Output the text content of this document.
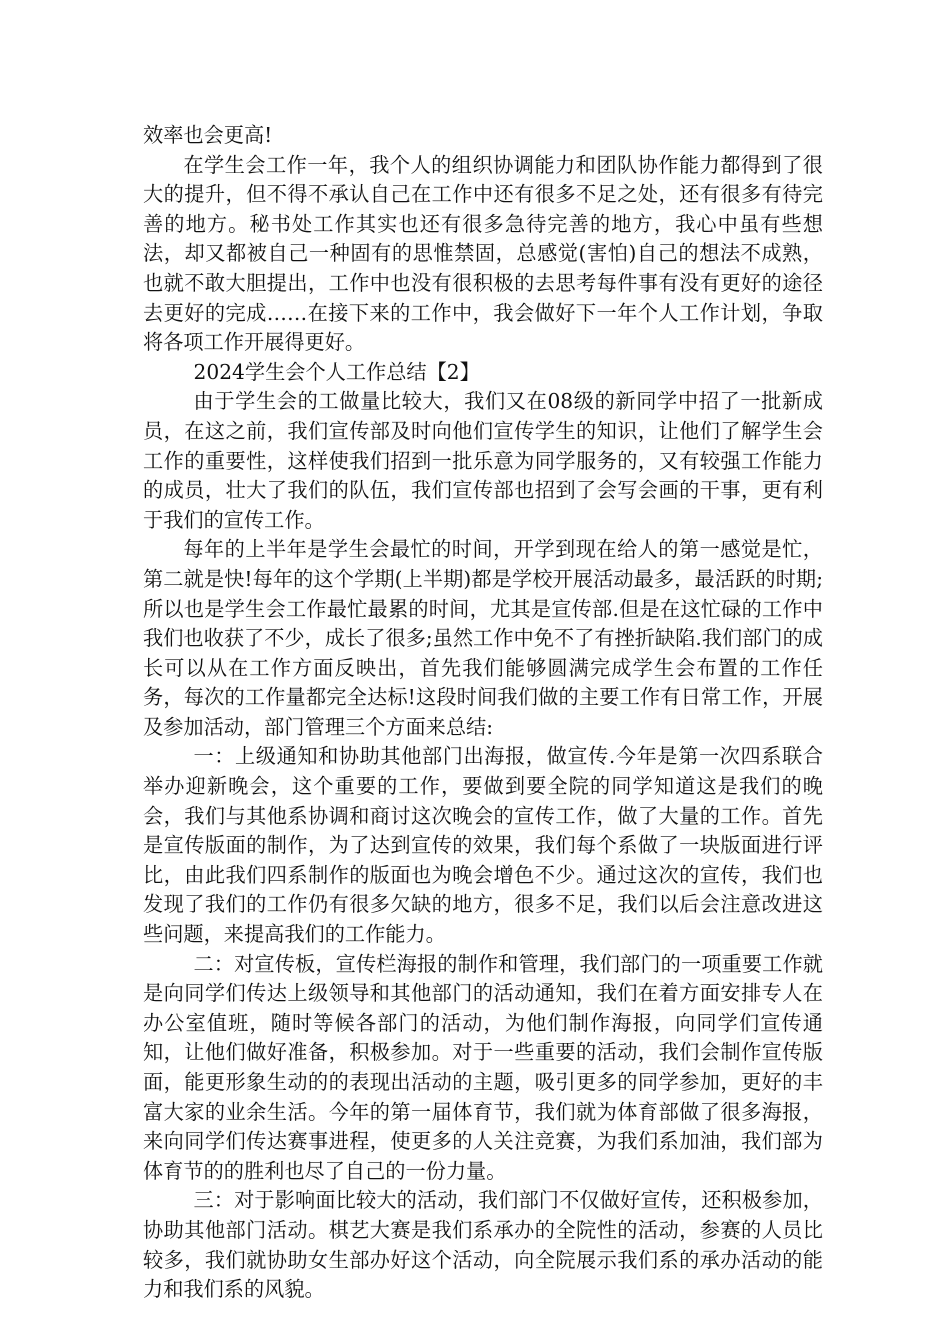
效率也会更高!

在学生会工作一年，我个人的组织协调能力和团队协作能力都得到了很大的提升，但不得不承认自己在工作中还有很多不足之处，还有很多有待完善的地方。秘书处工作其实也还有很多急待完善的地方，我心中虽有些想法，却又都被自己一种固有的思惟禁固，总感觉(害怕)自己的想法不成熟，也就不敢大胆提出，工作中也没有很积极的去思考每件事有没有更好的途径去更好的完成……在接下来的工作中，我会做好下一年个人工作计划，争取将各项工作开展得更好。

2024学生会个人工作总结【2】

由于学生会的工做量比较大，我们又在08级的新同学中招了一批新成员，在这之前，我们宣传部及时向他们宣传学生的知识，让他们了解学生会工作的重要性，这样使我们招到一批乐意为同学服务的，又有较强工作能力的成员，壮大了我们的队伍，我们宣传部也招到了会写会画的干事，更有利于我们的宣传工作。

每年的上半年是学生会最忙的时间，开学到现在给人的第一感觉是忙，第二就是快!每年的这个学期(上半期)都是学校开展活动最多，最活跃的时期;所以也是学生会工作最忙最累的时间，尤其是宣传部.但是在这忙碌的工作中我们也收获了不少，成长了很多;虽然工作中免不了有挫折缺陷.我们部门的成长可以从在工作方面反映出，首先我们能够圆满完成学生会布置的工作任务，每次的工作量都完全达标!这段时间我们做的主要工作有日常工作，开展及参加活动，部门管理三个方面来总结:

一：上级通知和协助其他部门出海报，做宣传.今年是第一次四系联合举办迎新晚会，这个重要的工作，要做到要全院的同学知道这是我们的晚会，我们与其他系协调和商讨这次晚会的宣传工作，做了大量的工作。首先是宣传版面的制作，为了达到宣传的效果，我们每个系做了一块版面进行评比，由此我们四系制作的版面也为晚会增色不少。通过这次的宣传，我们也发现了我们的工作仍有很多欠缺的地方，很多不足，我们以后会注意改进这些问题，来提高我们的工作能力。

二：对宣传板，宣传栏海报的制作和管理，我们部门的一项重要工作就是向同学们传达上级领导和其他部门的活动通知，我们在着方面安排专人在办公室值班，随时等候各部门的活动，为他们制作海报，向同学们宣传通知，让他们做好准备，积极参加。对于一些重要的活动，我们会制作宣传版面，能更形象生动的的表现出活动的主题，吸引更多的同学参加，更好的丰富大家的业余生活。今年的第一届体育节，我们就为体育部做了很多海报，来向同学们传达赛事进程，使更多的人关注竞赛，为我们系加油，我们部为体育节的的胜利也尽了自己的一份力量。

三：对于影响面比较大的活动，我们部门不仅做好宣传，还积极参加，协助其他部门活动。棋艺大赛是我们系承办的全院性的活动，参赛的人员比较多，我们就协助女生部办好这个活动，向全院展示我们系的承办活动的能力和我们系的风貌。
